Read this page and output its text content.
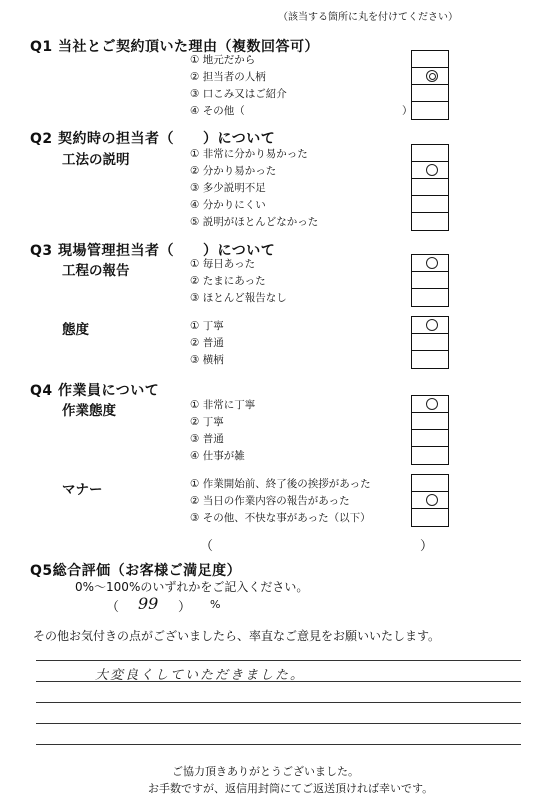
（該当する箇所に丸を付けてください）
Q1 当社とご契約頂いた理由（複数回答可）
① 地元だから
② 担当者の人柄
③ 口こみ又はご紹介
④ その他（	）
Q2 契約時の担当者（　　）について
工法の説明	① 非常に分かり易かった
② 分かり易かった
③ 多少説明不足
④ 分かりにくい
⑤ 説明がほとんどなかった
Q3 現場管理担当者（　　）について
工程の報告	① 毎日あった
② たまにあった
③ ほとんど報告なし
態度	① 丁寧
② 普通
③ 横柄
Q4 作業員について
作業態度	① 非常に丁寧
② 丁寧
③ 普通
④ 仕事が雑
マナー	① 作業開始前、終了後の挨拶があった
② 当日の作業内容の報告があった
③ その他、不快な事があった（以下）
（	）
Q5総合評価（お客様ご満足度）
0%～100%のいずれかをご記入ください。
（ 99 ） %
その他お気付きの点がございましたら、率直なご意見をお願いいたします。
大変良くしていただきました。
ご協力頂きありがとうございました。
お手数ですが、返信用封筒にてご返送頂ければ幸いです。
